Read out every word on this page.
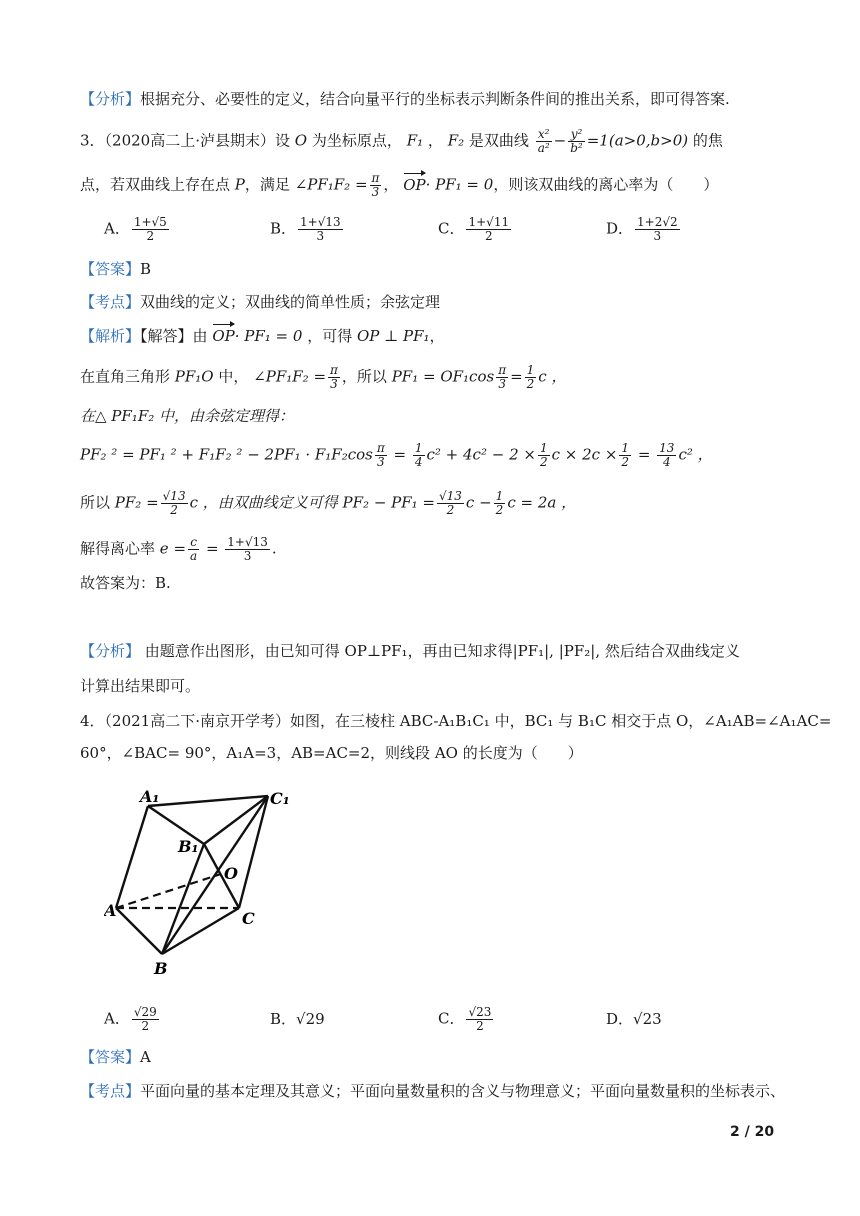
【分析】根据充分、必要性的定义，结合向量平行的坐标表示判断条件间的推出关系，即可得答案.
3．（2020高二上·泸县期末）设 O 为坐标原点， F₁ ， F₂ 是双曲线 $\frac{\text{x²}}{\text{a²}} - \frac{\text{y²}}{\text{b²}} =1(a>0,b>0)$ 的焦
点，若双曲线上存在点 P，满足 ∠PF₁F₂ = $\frac{\pi}{3}$ ， OP· PF₁ = 0，则该双曲线的离心率为（　　）
A． $\frac{1+√5}{2}$	B． $\frac{1+√13}{3}$	C． $\frac{1+√11}{2}$	D． $\frac{1+2√2}{3}$
【答案】B
【考点】双曲线的定义；双曲线的简单性质；余弦定理
【解析】【解答】由 OP· PF₁ = 0 ，可得 OP ⊥ PF₁，
在直角三角形 PF₁O 中， ∠PF₁F₂ = $\frac{\pi}{3}$ ，所以 $PF_1 = OF_1\cos \frac{\pi}{3} = \frac{1}{2}$ c ，
在△ PF₁F₂ 中，由余弦定理得：
PF₂ ² = PF₁ ² + F₁F₂ $^2 - 2PF_1 \cdot F_1F_2\cos \frac{\pi}{3} = \frac{1}{4} c^2 + 4c^2 - 2 \times \frac{1}{2}$ $c \times 2c \times \frac{1}{2} = \frac{13}{4} c^2$ ，
所以 $PF_2 = \frac{√13}{2}$ c ，由双曲线定义可得 $PF_2 - PF_1 = \frac{√13}{2}$ $c - \frac{1}{2}$ c = 2a ，
解得离心率 $e = \frac{c}{a} = \frac{1+√13}{3}$ .
故答案为：B.
【分析】 由题意作出图形，由已知可得 OP⊥PF₁，再由已知求得|PF₁|, |PF₂|, 然后结合双曲线定义
计算出结果即可。
4．（2021高二下·南京开学考）如图，在三棱柱 ABC-A₁B₁C₁ 中，BC₁ 与 B₁C 相交于点 O，∠A₁AB=∠A₁AC=
60°，∠BAC= 90°，A₁A=3，AB=AC=2，则线段 AO 的长度为（　　）
A₁	C₁
B₁
O
A	C
B
A． $\frac{√29}{2}$	B．√29	C． $\frac{√23}{2}$	D．√23
【答案】A
【考点】平面向量的基本定理及其意义；平面向量数量积的含义与物理意义；平面向量数量积的坐标表示、
2 / 20
